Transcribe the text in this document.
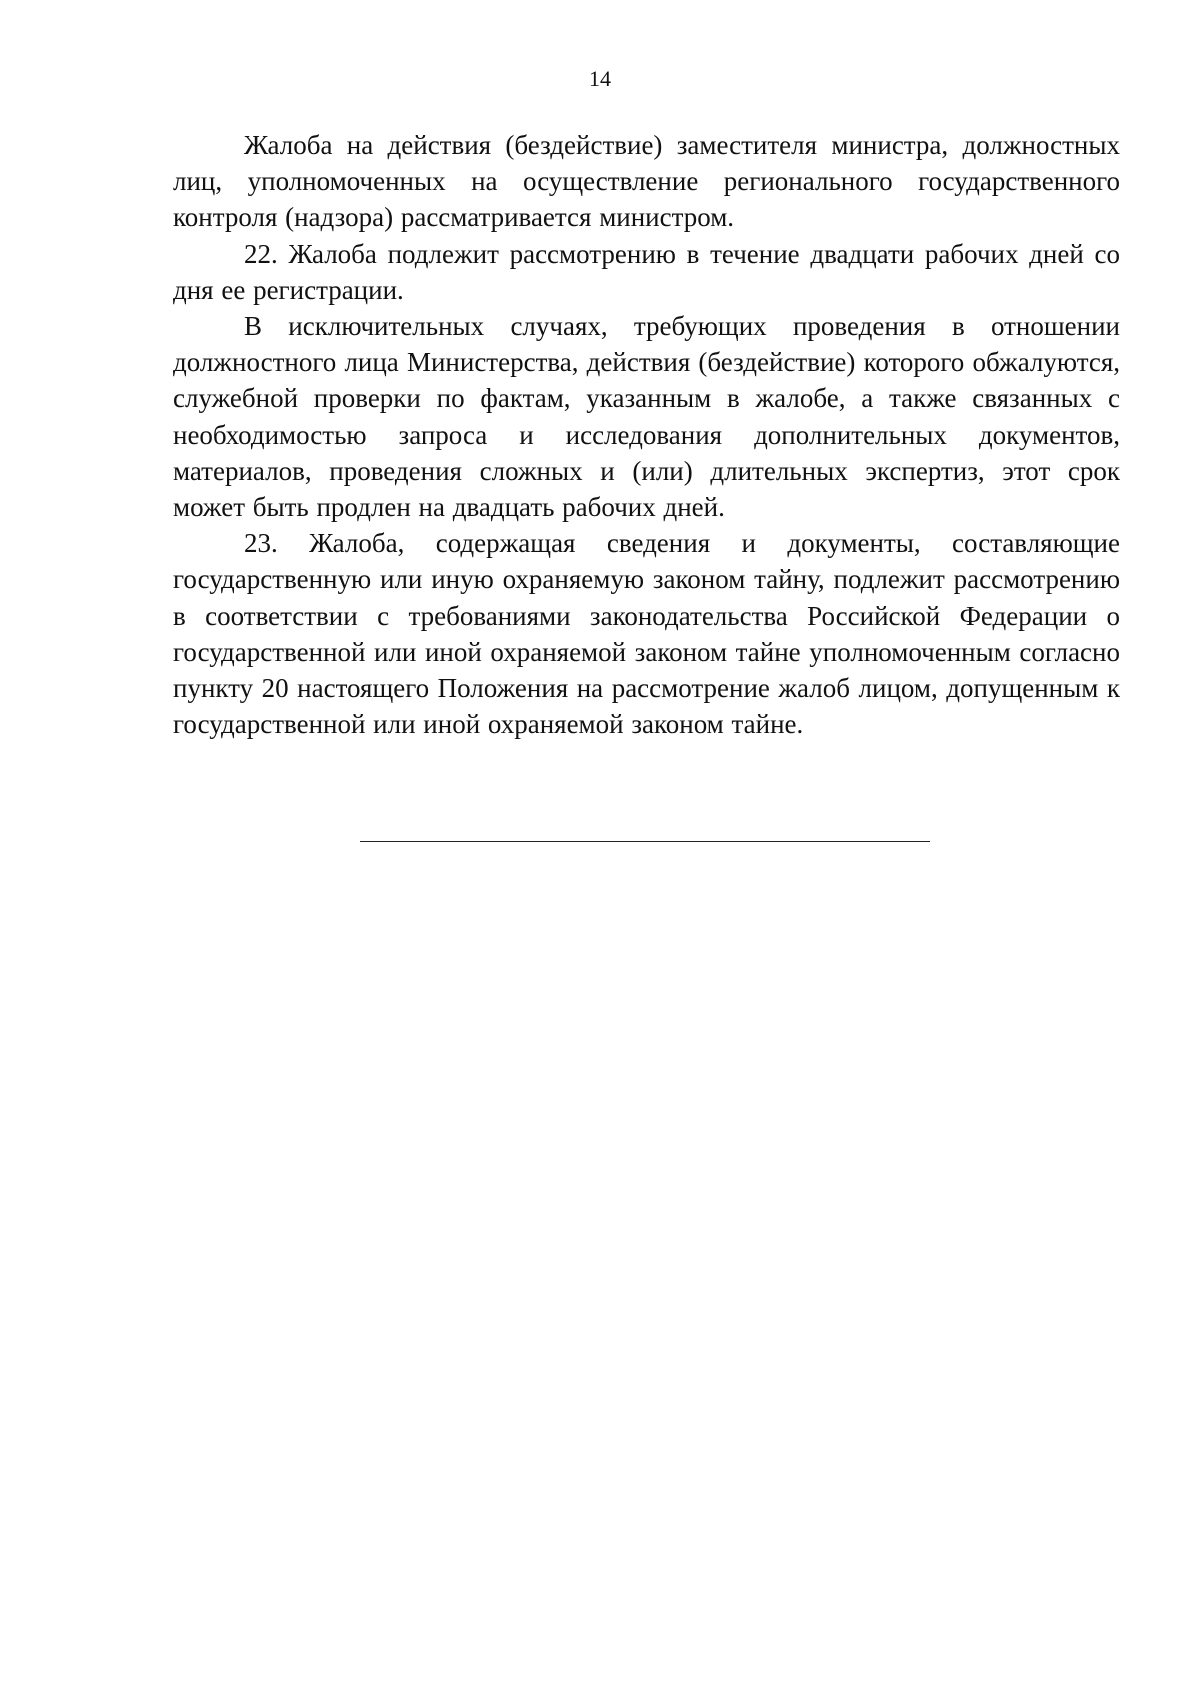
14

Жалоба на действия (бездействие) заместителя министра, должностных лиц, уполномоченных на осуществление регионального государственного контроля (надзора) рассматривается министром.

22. Жалоба подлежит рассмотрению в течение двадцати рабочих дней со дня ее регистрации.

В исключительных случаях, требующих проведения в отношении должностного лица Министерства, действия (бездействие) которого обжалуются, служебной проверки по фактам, указанным в жалобе, а также связанных с необходимостью запроса и исследования дополнительных документов, материалов, проведения сложных и (или) длительных экспертиз, этот срок может быть продлен на двадцать рабочих дней.

23. Жалоба, содержащая сведения и документы, составляющие государственную или иную охраняемую законом тайну, подлежит рассмотрению в соответствии с требованиями законодательства Российской Федерации о государственной или иной охраняемой законом тайне уполномоченным согласно пункту 20 настоящего Положения на рассмотрение жалоб лицом, допущенным к государственной или иной охраняемой законом тайне.
